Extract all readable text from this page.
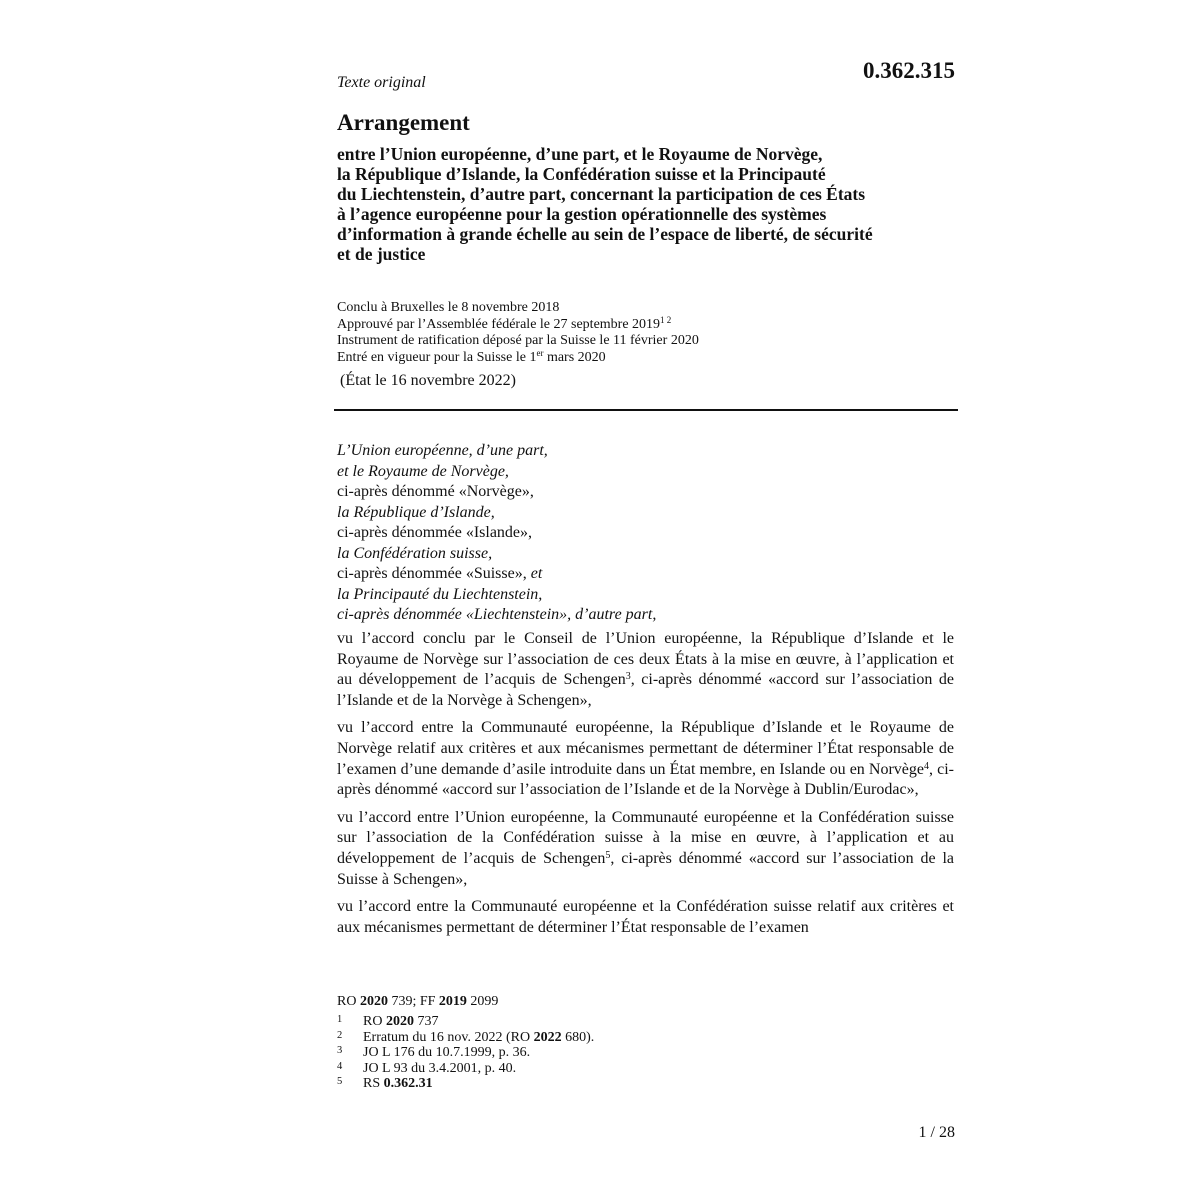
0.362.315
Texte original
Arrangement
entre l’Union européenne, d’une part, et le Royaume de Norvège,
la République d’Islande, la Confédération suisse et la Principauté
du Liechtenstein, d’autre part, concernant la participation de ces États
à l’agence européenne pour la gestion opérationnelle des systèmes
d’information à grande échelle au sein de l’espace de liberté, de sécurité
et de justice
Conclu à Bruxelles le 8 novembre 2018
Approuvé par l’Assemblée fédérale le 27 septembre $2019^{1 2}$
Instrument de ratification déposé par la Suisse le 11 février 2020
Entré en vigueur pour la Suisse le 1er mars 2020
(État le 16 novembre 2022)
L’Union européenne, d’une part,
et le Royaume de Norvège,
ci-après dénommé «Norvège»,
la République d’Islande,
ci-après dénommée «Islande»,
la Confédération suisse,
ci-après dénommée «Suisse», et
la Principauté du Liechtenstein,
ci-après dénommée «Liechtenstein», d’autre part,

vu l’accord conclu par le Conseil de l’Union européenne, la République d’Islande et le Royaume de Norvège sur l’association de ces deux États à la mise en œuvre, à l’application et au développement de l’acquis de Schengen$^3$, ci-après dénommé «accord sur l’association de l’Islande et de la Norvège à Schengen»,

vu l’accord entre la Communauté européenne, la République d’Islande et le Royaume de Norvège relatif aux critères et aux mécanismes permettant de déterminer l’État responsable de l’examen d’une demande d’asile introduite dans un État membre, en Islande ou en Norvège$^4$, ci-après dénommé «accord sur l’association de l’Islande et de la Norvège à Dublin/Eurodac»,

vu l’accord entre l’Union européenne, la Communauté européenne et la Confédération suisse sur l’association de la Confédération suisse à la mise en œuvre, à l’application et au développement de l’acquis de Schengen$^5$, ci-après dénommé «accord sur l’association de la Suisse à Schengen»,

vu l’accord entre la Communauté européenne et la Confédération suisse relatif aux critères et aux mécanismes permettant de déterminer l’État responsable de l’examen

RO 2020 739; FF 2019 2099
1	RO 2020 737
2	Erratum du 16 nov. 2022 (RO 2022 680).
3	JO L 176 du 10.7.1999, p. 36.
4	JO L 93 du 3.4.2001, p. 40.
5	RS 0.362.31
1 / 28
